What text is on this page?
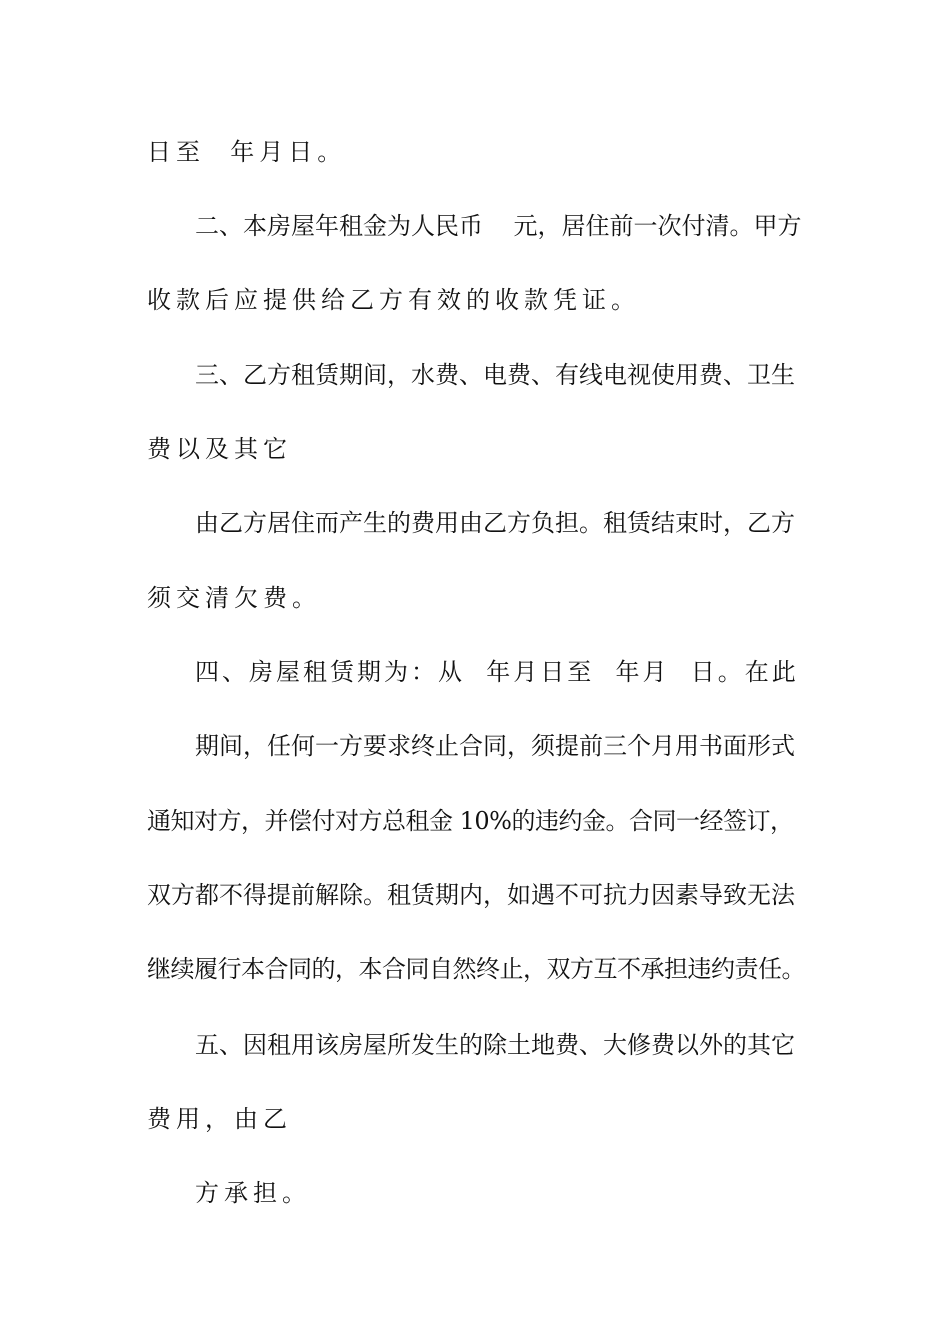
日至  年月日。
二、本房屋年租金为人民币    元，居住前一次付清。甲方
收款后应提供给乙方有效的收款凭证。
三、乙方租赁期间，水费、电费、有线电视使用费、卫生
费以及其它
由乙方居住而产生的费用由乙方负担。租赁结束时，乙方
须交清欠费。
四、房屋租赁期为：从  年月日至  年月  日。在此
期间，任何一方要求终止合同，须提前三个月用书面形式
通知对方，并偿付对方总租金 10%的违约金。合同一经签订，
双方都不得提前解除。租赁期内，如遇不可抗力因素导致无法
继续履行本合同的，本合同自然终止，双方互不承担违约责任。
五、因租用该房屋所发生的除土地费、大修费以外的其它
费用，由乙
方承担。
